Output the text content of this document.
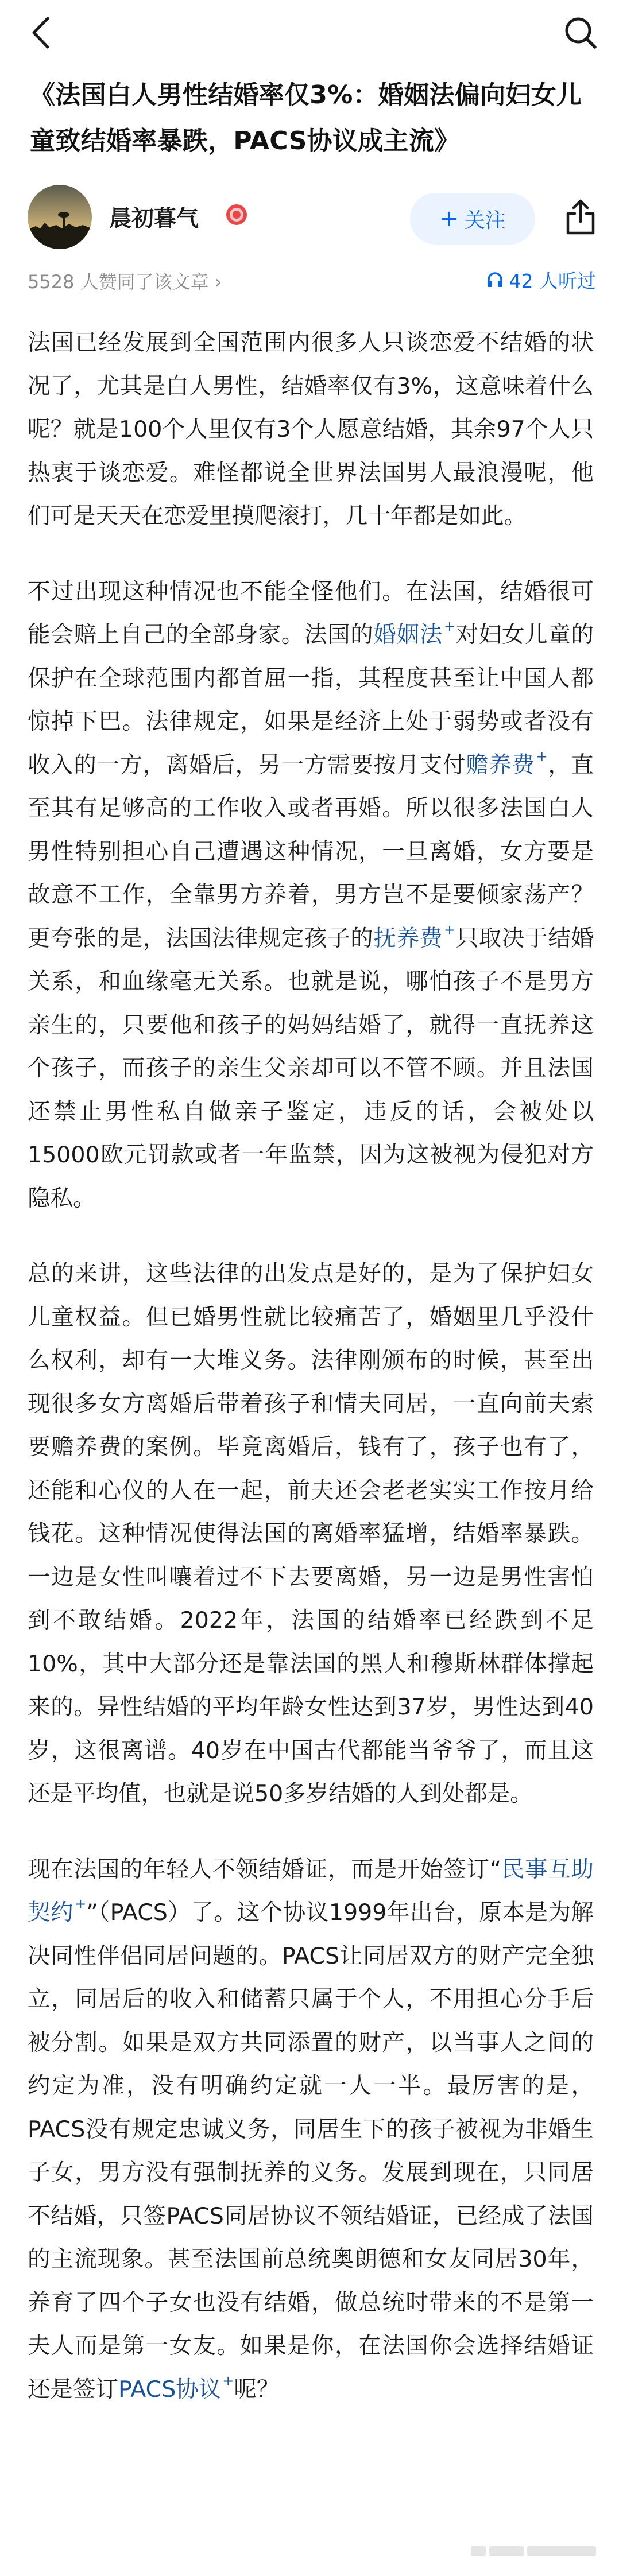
《法国白人男性结婚率仅3%：婚姻法偏向妇女儿童致结婚率暴跌，PACS协议成主流》
晨初暮气	+ 关注
5528 人赞同了该文章 ›	42 人听过

法国已经发展到全国范围内很多人只谈恋爱不结婚的状况了，尤其是白人男性，结婚率仅有3%，这意味着什么呢？就是100个人里仅有3个人愿意结婚，其余97个人只热衷于谈恋爱。难怪都说全世界法国男人最浪漫呢，他们可是天天在恋爱里摸爬滚打，几十年都是如此。

不过出现这种情况也不能全怪他们。在法国，结婚很可能会赔上自己的全部身家。法国的婚姻法+对妇女儿童的保护在全球范围内都首屈一指，其程度甚至让中国人都惊掉下巴。法律规定，如果是经济上处于弱势或者没有收入的一方，离婚后，另一方需要按月支付赡养费+，直至其有足够高的工作收入或者再婚。所以很多法国白人男性特别担心自己遭遇这种情况，一旦离婚，女方要是故意不工作，全靠男方养着，男方岂不是要倾家荡产？更夸张的是，法国法律规定孩子的抚养费+只取决于结婚关系，和血缘毫无关系。也就是说，哪怕孩子不是男方亲生的，只要他和孩子的妈妈结婚了，就得一直抚养这个孩子，而孩子的亲生父亲却可以不管不顾。并且法国还禁止男性私自做亲子鉴定，违反的话，会被处以15000欧元罚款或者一年监禁，因为这被视为侵犯对方隐私。

总的来讲，这些法律的出发点是好的，是为了保护妇女儿童权益。但已婚男性就比较痛苦了，婚姻里几乎没什么权利，却有一大堆义务。法律刚颁布的时候，甚至出现很多女方离婚后带着孩子和情夫同居，一直向前夫索要赡养费的案例。毕竟离婚后，钱有了，孩子也有了，还能和心仪的人在一起，前夫还会老老实实工作按月给钱花。这种情况使得法国的离婚率猛增，结婚率暴跌。一边是女性叫嚷着过不下去要离婚，另一边是男性害怕到不敢结婚。2022年，法国的结婚率已经跌到不足10%，其中大部分还是靠法国的黑人和穆斯林群体撑起来的。异性结婚的平均年龄女性达到37岁，男性达到40岁，这很离谱。40岁在中国古代都能当爷爷了，而且这还是平均值，也就是说50多岁结婚的人到处都是。

现在法国的年轻人不领结婚证，而是开始签订“民事互助契约+”（PACS）了。这个协议1999年出台，原本是为解决同性伴侣同居问题的。PACS让同居双方的财产完全独立，同居后的收入和储蓄只属于个人，不用担心分手后被分割。如果是双方共同添置的财产，以当事人之间的约定为准，没有明确约定就一人一半。最厉害的是，PACS没有规定忠诚义务，同居生下的孩子被视为非婚生子女，男方没有强制抚养的义务。发展到现在，只同居不结婚，只签PACS同居协议不领结婚证，已经成了法国的主流现象。甚至法国前总统奥朗德和女友同居30年，养育了四个子女也没有结婚，做总统时带来的不是第一夫人而是第一女友。如果是你，在法国你会选择结婚证还是签订PACS协议+呢？
